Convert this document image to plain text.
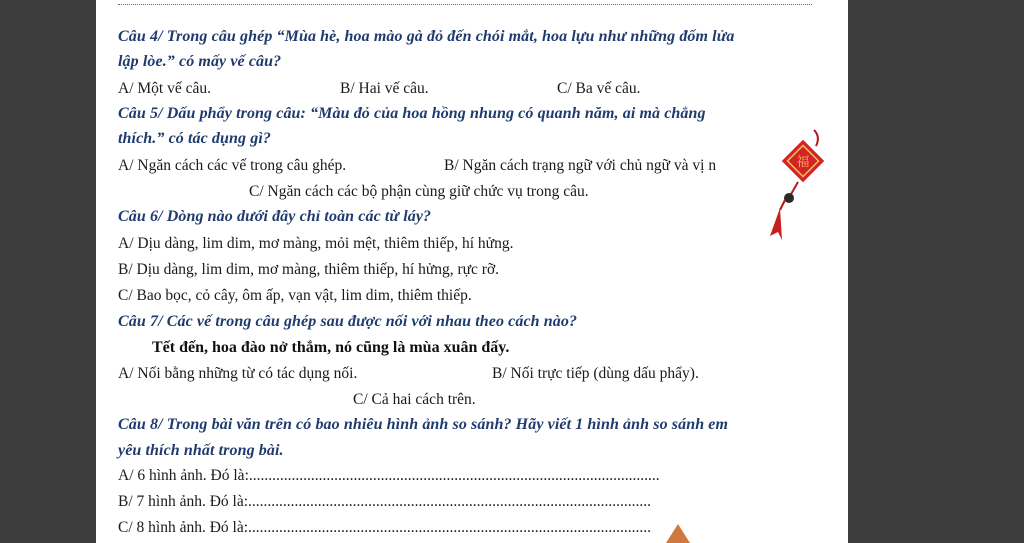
Câu 4/ Trong câu ghép “Mùa hè, hoa mào gà đỏ đến chói mắt, hoa lựu như những đốm lửa
lập lòe.” có mấy vế câu?
A/ Một vế câu.	B/ Hai vế câu.	C/ Ba vế câu.
Câu 5/ Dấu phẩy trong câu: “Màu đỏ của hoa hồng nhung có quanh năm, ai mà chẳng
thích.” có tác dụng gì?
A/ Ngăn cách các vế trong câu ghép.	B/ Ngăn cách trạng ngữ với chủ ngữ và vị n
C/ Ngăn cách các bộ phận cùng giữ chức vụ trong câu.
Câu 6/ Dòng nào dưới đây chỉ toàn các từ láy?
A/ Dịu dàng, lim dim, mơ màng, mỏi mệt, thiêm thiếp, hí hửng.
B/ Dịu dàng, lim dim, mơ màng, thiêm thiếp, hí hửng, rực rỡ.
C/ Bao bọc, cỏ cây, ôm ấp, vạn vật, lim dim, thiêm thiếp.
Câu 7/ Các vế trong câu ghép sau được nối với nhau theo cách nào?
Tết đến, hoa đào nở thắm, nó cũng là mùa xuân đấy.
A/ Nối bằng những từ có tác dụng nối.	B/ Nối trực tiếp (dùng dấu phẩy).
C/ Cả hai cách trên.
Câu 8/ Trong bài văn trên có bao nhiêu hình ảnh so sánh? Hãy viết 1 hình ảnh so sánh em
yêu thích nhất trong bài.
A/ 6 hình ảnh. Đó là:..........................................................................................................
B/ 7 hình ảnh. Đó là:........................................................................................................
C/ 8 hình ảnh. Đó là:........................................................................................................
福
